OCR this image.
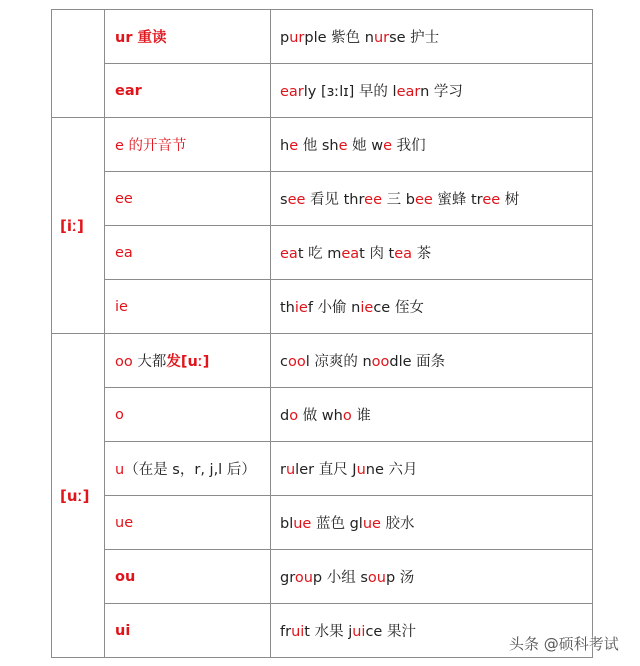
	ur 重读	purple 紫色 nurse 护士
	ear	early [ɜːlɪ] 早的 learn 学习
[iː]	e 的开音节	he 他 she 她 we 我们
	ee	see 看见 three 三 bee 蜜蜂 tree 树
	ea	eat 吃 meat 肉 tea 茶
	ie	thief 小偷 niece 侄女
[uː]	oo 大都发[uː]	cool 凉爽的 noodle 面条
	o	do 做 who 谁
	u（在是 s，r, j,l 后）	ruler 直尺 June 六月
	ue	blue 蓝色 glue 胶水
	ou	group 小组 soup 汤
	ui	fruit 水果 juice 果汁
头条 @硕科考试
